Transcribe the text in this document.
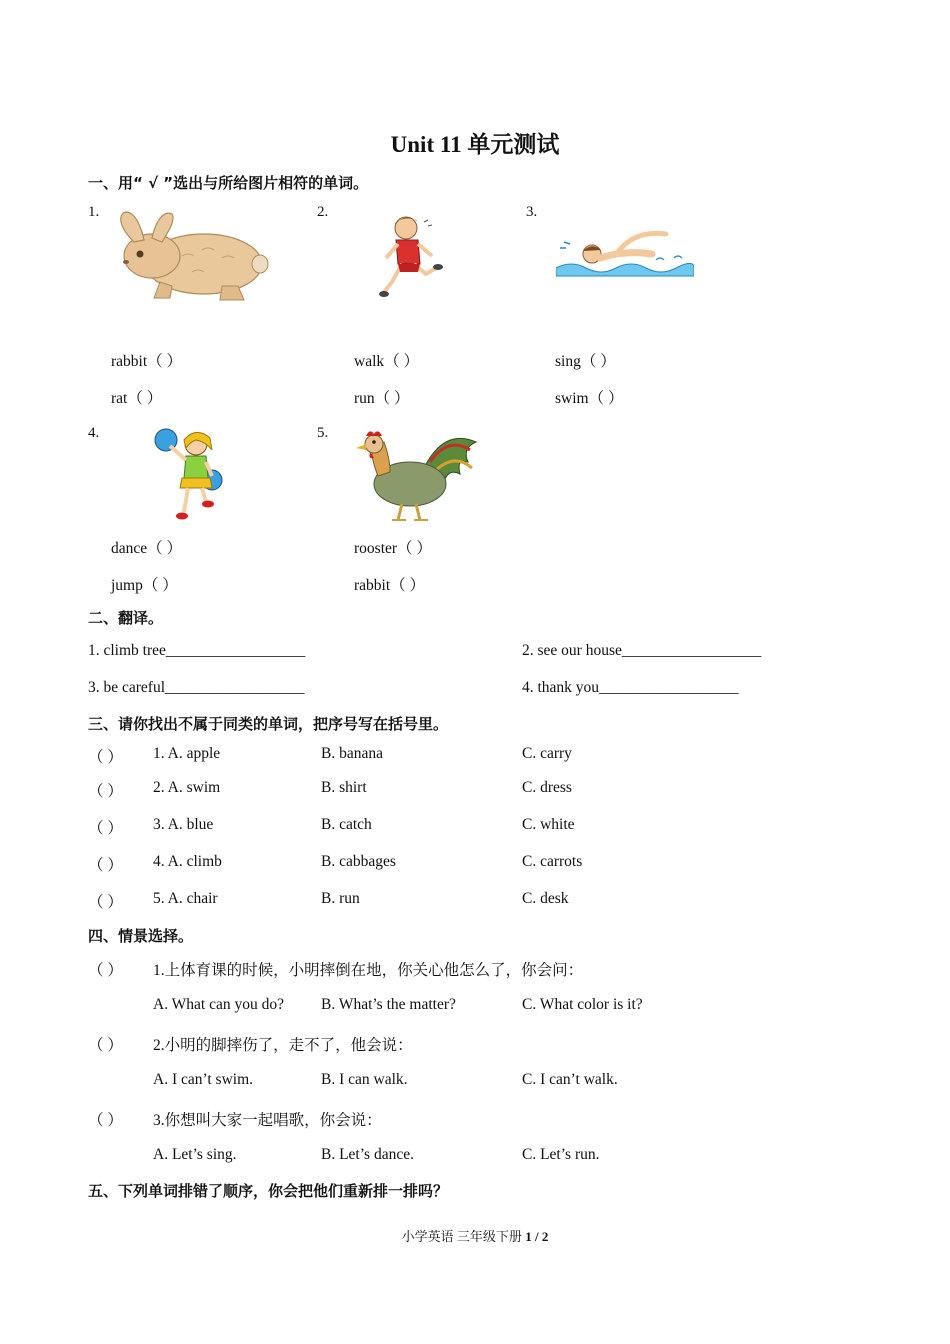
Unit 11 单元测试
一、用“ √ ”选出与所给图片相符的单词。
1.	2.	3.
rabbit（ ）	walk（ ）	sing（ ）
rat（ ）	run（ ）	swim（ ）
4.	5.
dance（ ）	rooster（ ）
jump（ ）	rabbit（ ）
二、翻译。
1. climb tree__________________	2. see our house__________________
3. be careful__________________	4. thank you__________________
三、请你找出不属于同类的单词，把序号写在括号里。
（ ） 1. A. apple	B. banana	C. carry
（ ） 2. A. swim	B. shirt	C. dress
（ ） 3. A. blue	B. catch	C. white
（ ） 4. A. climb	B. cabbages	C. carrots
（ ） 5. A. chair	B. run	C. desk
四、情景选择。
（ ） 1.上体育课的时候，小明摔倒在地，你关心他怎么了，你会问：
A. What can you do? B. What’s the matter?	C. What color is it?
（ ） 2.小明的脚摔伤了，走不了，他会说：
A. I can’t swim.	B. I can walk.	C. I can’t walk.
（ ） 3.你想叫大家一起唱歌，你会说：
A. Let’s sing.	B. Let’s dance.	C. Let’s run.
五、下列单词排错了顺序，你会把他们重新排一排吗？
小学英语 三年级下册 1 / 2
